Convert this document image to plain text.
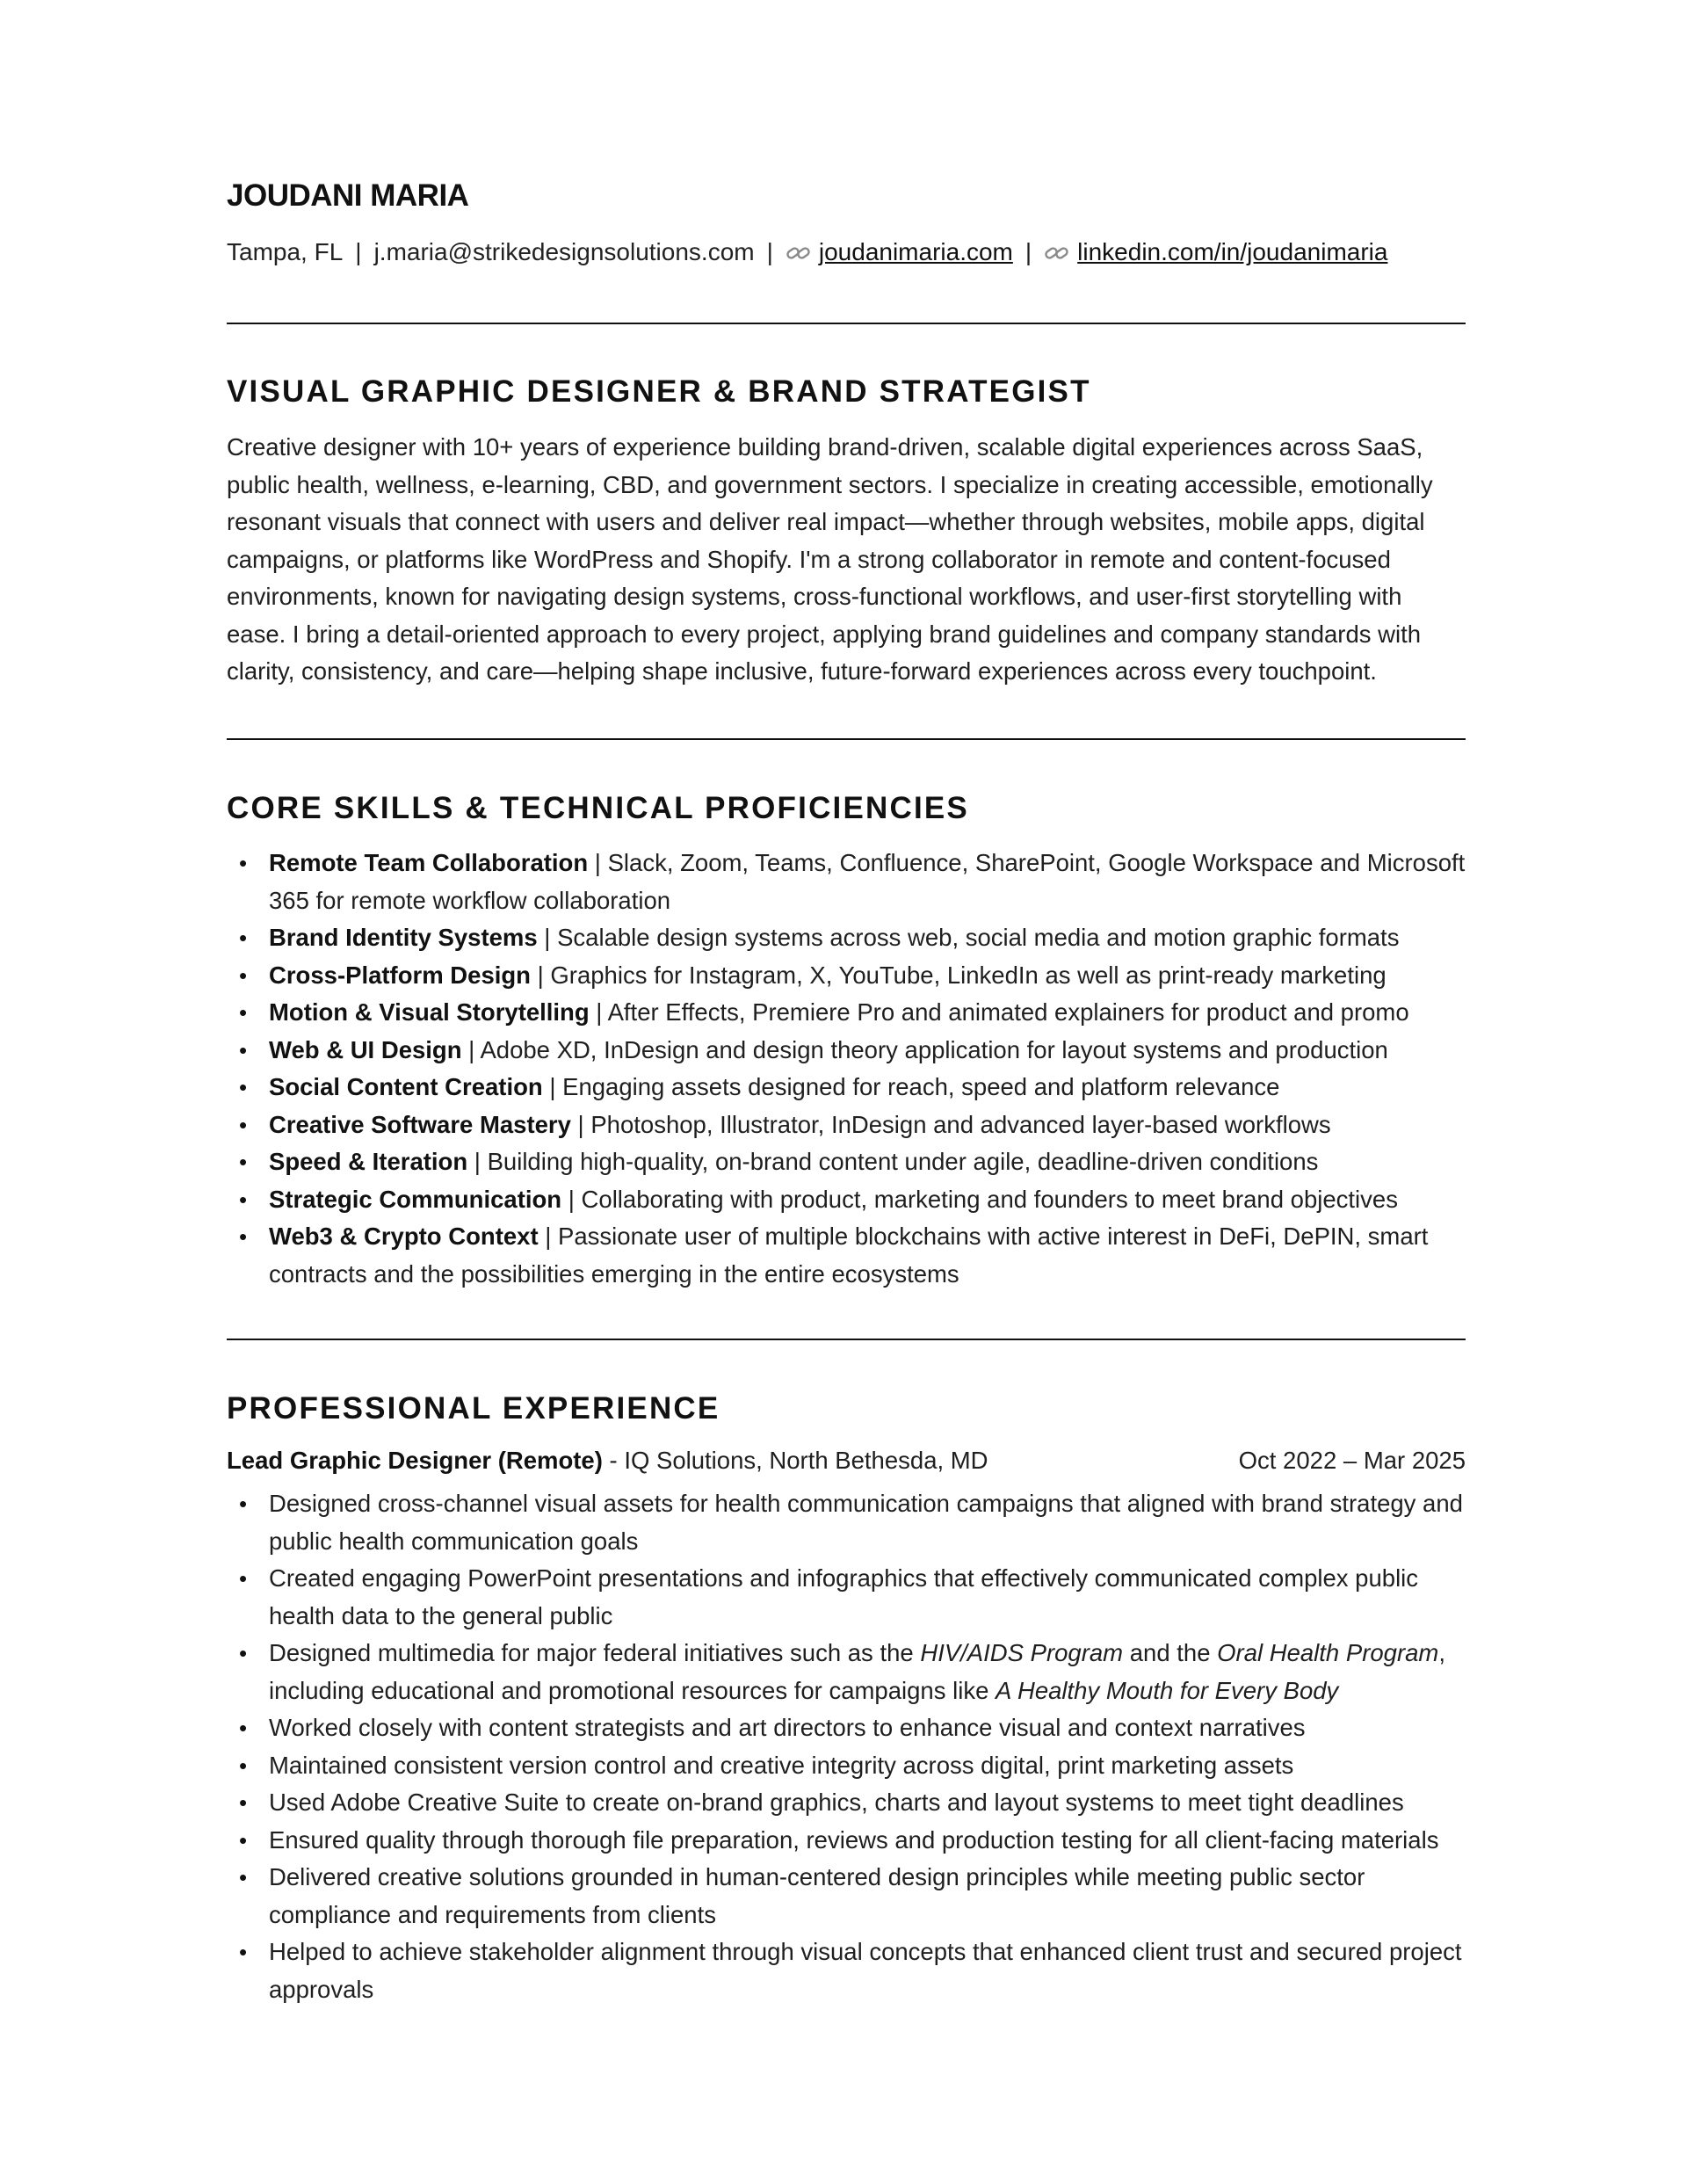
JOUDANI MARIA
Tampa, FL | j.maria@strikedesignsolutions.com | joudanimaria.com | linkedin.com/in/joudanimaria
VISUAL GRAPHIC DESIGNER & BRAND STRATEGIST

Creative designer with 10+ years of experience building brand-driven, scalable digital experiences across SaaS, public health, wellness, e-learning, CBD, and government sectors. I specialize in creating accessible, emotionally resonant visuals that connect with users and deliver real impact—whether through websites, mobile apps, digital campaigns, or platforms like WordPress and Shopify. I'm a strong collaborator in remote and content-focused environments, known for navigating design systems, cross-functional workflows, and user-first storytelling with ease. I bring a detail-oriented approach to every project, applying brand guidelines and company standards with clarity, consistency, and care—helping shape inclusive, future-forward experiences across every touchpoint.

CORE SKILLS & TECHNICAL PROFICIENCIES
• Remote Team Collaboration | Slack, Zoom, Teams, Confluence, SharePoint, Google Workspace and Microsoft 365 for remote workflow collaboration
• Brand Identity Systems | Scalable design systems across web, social media and motion graphic formats
• Cross-Platform Design | Graphics for Instagram, X, YouTube, LinkedIn as well as print-ready marketing
• Motion & Visual Storytelling | After Effects, Premiere Pro and animated explainers for product and promo
• Web & UI Design | Adobe XD, InDesign and design theory application for layout systems and production
• Social Content Creation | Engaging assets designed for reach, speed and platform relevance
• Creative Software Mastery | Photoshop, Illustrator, InDesign and advanced layer-based workflows
• Speed & Iteration | Building high-quality, on-brand content under agile, deadline-driven conditions
• Strategic Communication | Collaborating with product, marketing and founders to meet brand objectives
• Web3 & Crypto Context | Passionate user of multiple blockchains with active interest in DeFi, DePIN, smart contracts and the possibilities emerging in the entire ecosystems
PROFESSIONAL EXPERIENCE
Lead Graphic Designer (Remote) - IQ Solutions, North Bethesda, MD	Oct 2022 – Mar 2025
• Designed cross-channel visual assets for health communication campaigns that aligned with brand strategy and public health communication goals
• Created engaging PowerPoint presentations and infographics that effectively communicated complex public health data to the general public
• Designed multimedia for major federal initiatives such as the HIV/AIDS Program and the Oral Health Program, including educational and promotional resources for campaigns like A Healthy Mouth for Every Body
• Worked closely with content strategists and art directors to enhance visual and context narratives
• Maintained consistent version control and creative integrity across digital, print marketing assets
• Used Adobe Creative Suite to create on-brand graphics, charts and layout systems to meet tight deadlines
• Ensured quality through thorough file preparation, reviews and production testing for all client-facing materials
• Delivered creative solutions grounded in human-centered design principles while meeting public sector compliance and requirements from clients
• Helped to achieve stakeholder alignment through visual concepts that enhanced client trust and secured project approvals
